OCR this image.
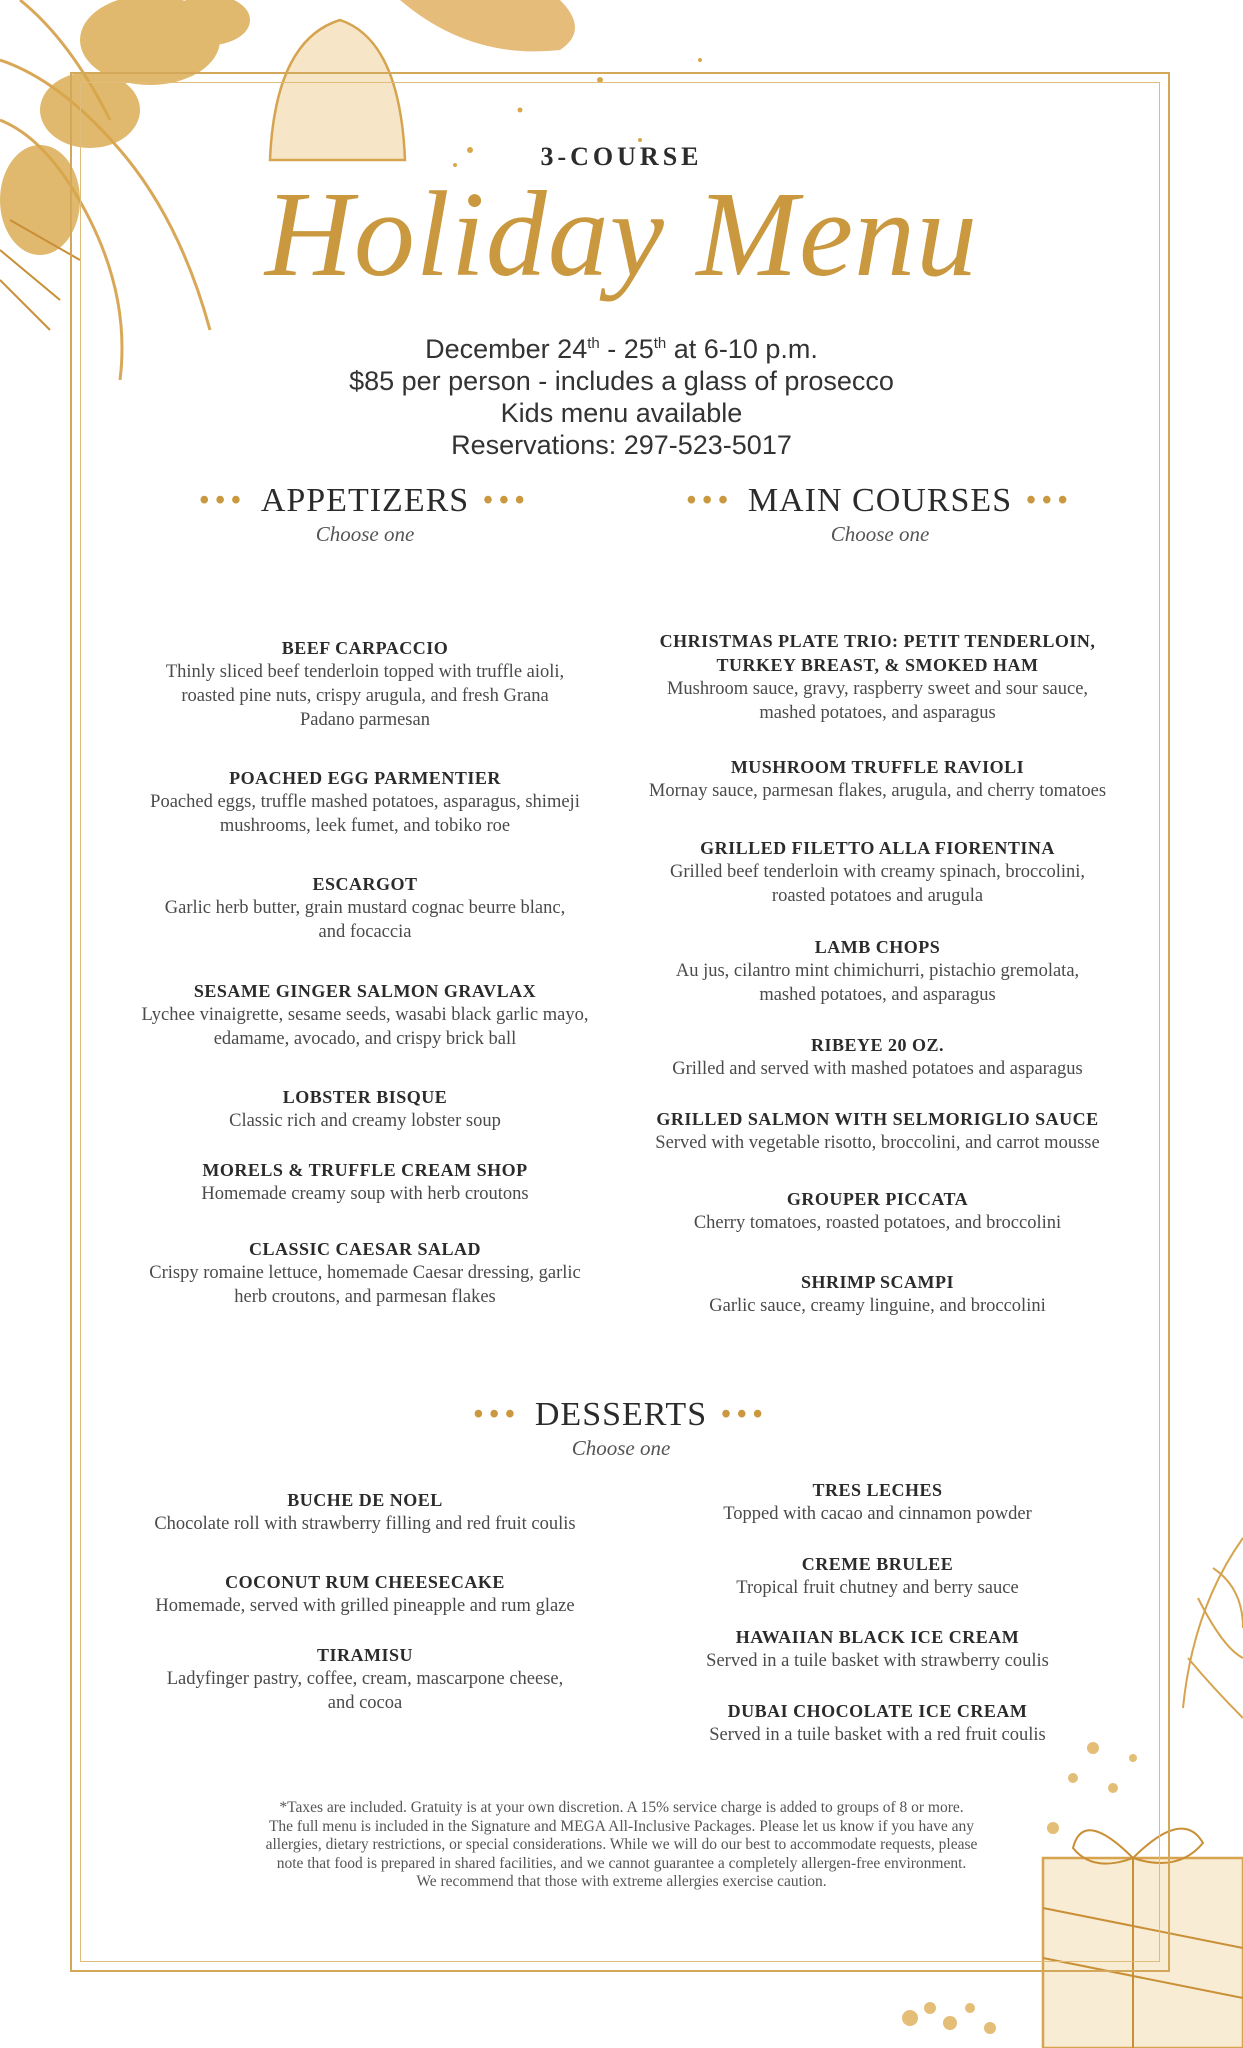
3-COURSE
Holiday Menu
December 24th - 25th at 6-10 p.m.
$85 per person - includes a glass of prosecco
Kids menu available
Reservations: 297-523-5017
••• APPETIZERS •••
Choose one
••• MAIN COURSES •••
Choose one
BEEF CARPACCIO
Thinly sliced beef tenderloin topped with truffle aioli,
roasted pine nuts, crispy arugula, and fresh Grana
Padano parmesan
POACHED EGG PARMENTIER
Poached eggs, truffle mashed potatoes, asparagus, shimeji
mushrooms, leek fumet, and tobiko roe
ESCARGOT
Garlic herb butter, grain mustard cognac beurre blanc,
and focaccia
SESAME GINGER SALMON GRAVLAX
Lychee vinaigrette, sesame seeds, wasabi black garlic mayo,
edamame, avocado, and crispy brick ball
LOBSTER BISQUE
Classic rich and creamy lobster soup
MORELS & TRUFFLE CREAM SHOP
Homemade creamy soup with herb croutons
CLASSIC CAESAR SALAD
Crispy romaine lettuce, homemade Caesar dressing, garlic
herb croutons, and parmesan flakes
CHRISTMAS PLATE TRIO: PETIT TENDERLOIN,
TURKEY BREAST, & SMOKED HAM
Mushroom sauce, gravy, raspberry sweet and sour sauce,
mashed potatoes, and asparagus
MUSHROOM TRUFFLE RAVIOLI
Mornay sauce, parmesan flakes, arugula, and cherry tomatoes
GRILLED FILETTO ALLA FIORENTINA
Grilled beef tenderloin with creamy spinach, broccolini,
roasted potatoes and arugula
LAMB CHOPS
Au jus, cilantro mint chimichurri, pistachio gremolata,
mashed potatoes, and asparagus
RIBEYE 20 OZ.
Grilled and served with mashed potatoes and asparagus
GRILLED SALMON WITH SELMORIGLIO SAUCE
Served with vegetable risotto, broccolini, and carrot mousse
GROUPER PICCATA
Cherry tomatoes, roasted potatoes, and broccolini
SHRIMP SCAMPI
Garlic sauce, creamy linguine, and broccolini
••• DESSERTS •••
Choose one
BUCHE DE NOEL
Chocolate roll with strawberry filling and red fruit coulis
COCONUT RUM CHEESECAKE
Homemade, served with grilled pineapple and rum glaze
TIRAMISU
Ladyfinger pastry, coffee, cream, mascarpone cheese,
and cocoa
TRES LECHES
Topped with cacao and cinnamon powder
CREME BRULEE
Tropical fruit chutney and berry sauce
HAWAIIAN BLACK ICE CREAM
Served in a tuile basket with strawberry coulis
DUBAI CHOCOLATE ICE CREAM
Served in a tuile basket with a red fruit coulis
*Taxes are included. Gratuity is at your own discretion. A 15% service charge is added to groups of 8 or more.
The full menu is included in the Signature and MEGA All-Inclusive Packages. Please let us know if you have any
allergies, dietary restrictions, or special considerations. While we will do our best to accommodate requests, please
note that food is prepared in shared facilities, and we cannot guarantee a completely allergen-free environment.
We recommend that those with extreme allergies exercise caution.
